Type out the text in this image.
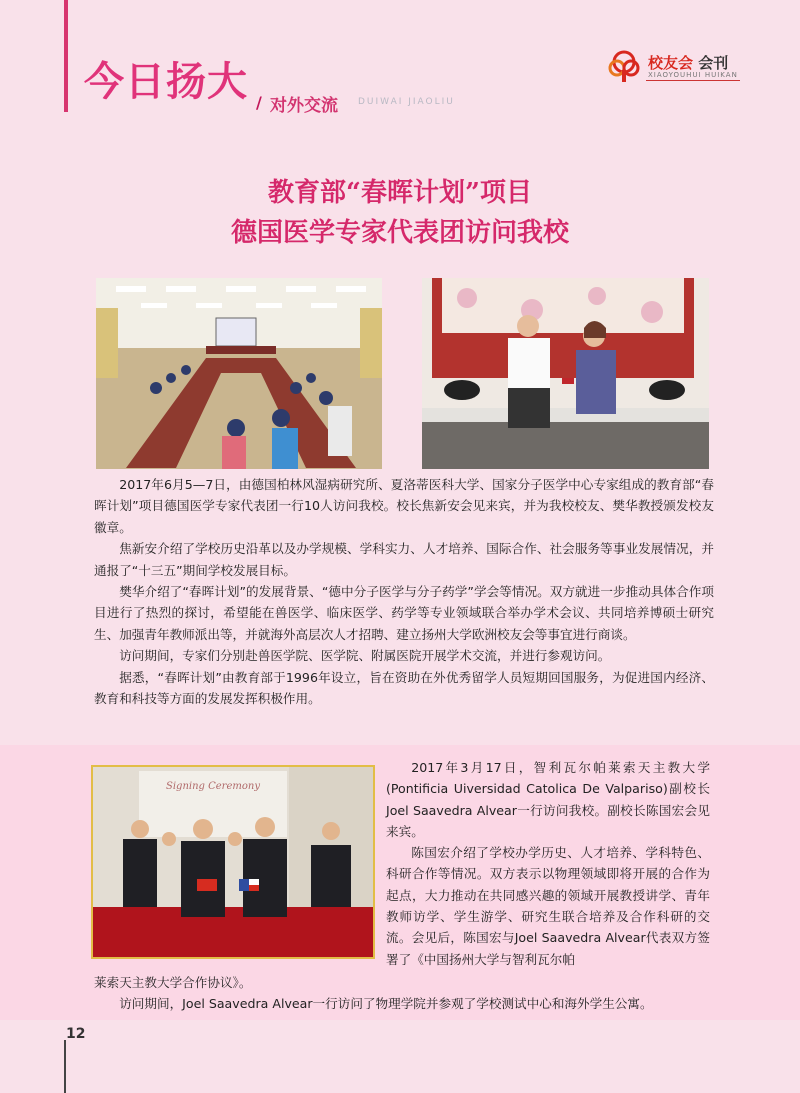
今日扬大 / 对外交流 DUIWAI JIAOLIU
校友会 会刊
XIAOYOUHUI HUIKAN
教育部“春晖计划”项目
德国医学专家代表团访问我校

2017年6月5—7日，由德国柏林风湿病研究所、夏洛蒂医科大学、国家分子医学中心专家组成的教育部“春晖计划”项目德国医学专家代表团一行10人访问我校。校长焦新安会见来宾，并为我校校友、樊华教授颁发校友徽章。

焦新安介绍了学校历史沿革以及办学规模、学科实力、人才培养、国际合作、社会服务等事业发展情况，并通报了“十三五”期间学校发展目标。

樊华介绍了“春晖计划”的发展背景、“德中分子医学与分子药学”学会等情况。双方就进一步推动具体合作项目进行了热烈的探讨，希望能在兽医学、临床医学、药学等专业领域联合举办学术会议、共同培养博硕士研究生、加强青年教师派出等，并就海外高层次人才招聘、建立扬州大学欧洲校友会等事宜进行商谈。

访问期间，专家们分别赴兽医学院、医学院、附属医院开展学术交流，并进行参观访问。

据悉，“春晖计划”由教育部于1996年设立，旨在资助在外优秀留学人员短期回国服务，为促进国内经济、教育和科技等方面的发展发挥积极作用。

Signing Ceremony

2017年3月17日，智利瓦尔帕莱索天主教大学(Pontificia Uiversidad Catolica De Valpariso)副校长Joel Saavedra Alvear一行访问我校。副校长陈国宏会见来宾。

陈国宏介绍了学校办学历史、人才培养、学科特色、科研合作等情况。双方表示以物理领域即将开展的合作为起点，大力推动在共同感兴趣的领域开展教授讲学、青年教师访学、学生游学、研究生联合培养及合作科研的交流。会见后，陈国宏与Joel Saavedra Alvear代表双方签署了《中国扬州大学与智利瓦尔帕

莱索天主教大学合作协议》。

访问期间，Joel Saavedra Alvear一行访问了物理学院并参观了学校测试中心和海外学生公寓。

12
